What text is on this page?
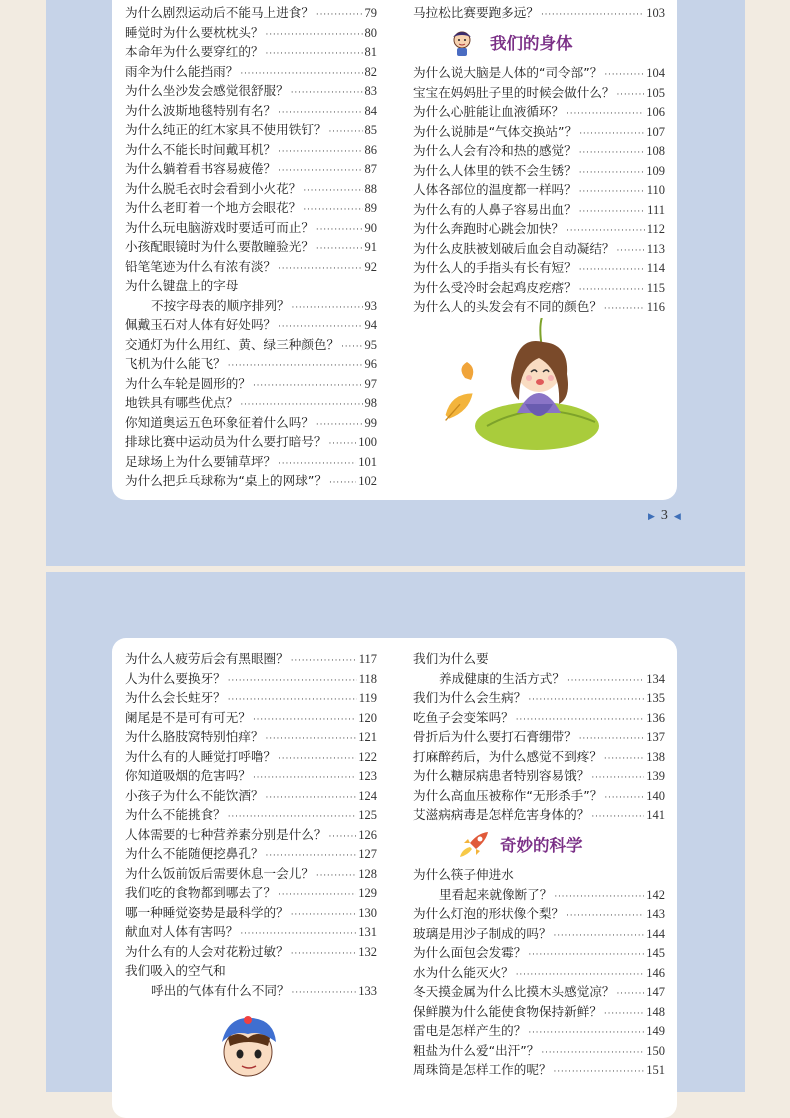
为什么剧烈运动后不能马上进食？ ·····	79
睡觉时为什么要枕枕头？ ·····	80
本命年为什么要穿红的？ ·····	81
雨伞为什么能挡雨？ ·····	82
为什么坐沙发会感觉很舒服？ ·····	83
为什么波斯地毯特别有名？ ·····	84
为什么纯正的红木家具不使用铁钉？ ·····	85
为什么不能长时间戴耳机？ ·····	86
为什么躺着看书容易疲倦？ ·····	87
为什么脱毛衣时会看到小火花？ ·····	88
为什么老盯着一个地方会眼花？ ·····	89
为什么玩电脑游戏时要适可而止？ ·····	90
小孩配眼镜时为什么要散瞳验光？ ·····	91
铅笔笔迹为什么有浓有淡？ ·····	92
为什么键盘上的字母
不按字母表的顺序排列？ ·····	93
佩戴玉石对人体有好处吗？ ·····	94
交通灯为什么用红、黄、绿三种颜色？ ····· 95
飞机为什么能飞？ ·····	96
为什么车轮是圆形的？ ·····	97
地铁具有哪些优点？ ·····	98
你知道奥运五色环象征着什么吗？ ·····	99
排球比赛中运动员为什么要打暗号？ ·····	100
足球场上为什么要铺草坪？ ·····	101
为什么把乒乓球称为“桌上的网球”？ ·····	102
马拉松比赛要跑多远？ ·····	103
为什么说大脑是人体的“司令部”？ ·····	104
宝宝在妈妈肚子里的时候会做什么？ ·····	105
为什么心脏能让血液循环？ ·····	106
为什么说肺是“气体交换站”？ ·····	107
为什么人会有冷和热的感觉？ ·····	108
为什么人体里的铁不会生锈？ ·····	109
人体各部位的温度都一样吗？ ·····	110
为什么有的人鼻子容易出血？ ·····	111
为什么奔跑时心跳会加快？ ·····	112
为什么皮肤被划破后血会自动凝结？ ·····	113
为什么人的手指头有长有短？ ·····	114
为什么受冷时会起鸡皮疙瘩？ ·····	115
为什么人的头发会有不同的颜色？ ·····	116
我们的身体
▶ 3 ◀
为什么人疲劳后会有黑眼圈？ ·····	117
人为什么要换牙？ ·····	118
为什么会长蛀牙？ ·····	119
阑尾是不是可有可无？ ·····	120
为什么胳肢窝特别怕痒？ ·····	121
为什么有的人睡觉打呼噜？ ·····	122
你知道吸烟的危害吗？ ·····	123
小孩子为什么不能饮酒？ ·····	124
为什么不能挑食？ ·····	125
人体需要的七种营养素分别是什么？ ·····	126
为什么不能随便挖鼻孔？ ·····	127
为什么饭前饭后需要休息一会儿？ ·····	128
我们吃的食物都到哪去了？ ·····	129
哪一种睡觉姿势是最科学的？ ·····	130
献血对人体有害吗？ ·····	131
为什么有的人会对花粉过敏？ ·····	132
我们吸入的空气和
呼出的气体有什么不同？ ·····	133
我们为什么要
养成健康的生活方式？ ·····	134
我们为什么会生病？ ·····	135
吃鱼子会变笨吗？ ·····	136
骨折后为什么要打石膏绷带？ ·····	137
打麻醉药后，为什么感觉不到疼？ ·····	138
为什么糖尿病患者特别容易饿？ ·····	139
为什么高血压被称作“无形杀手”？ ·····	140
艾滋病病毒是怎样危害身体的？ ·····	141
为什么筷子伸进水
里看起来就像断了？ ·····	142
为什么灯泡的形状像个梨？ ·····	143
玻璃是用沙子制成的吗？ ·····	144
为什么面包会发霉？ ·····	145
水为什么能灭火？ ·····	146
冬天摸金属为什么比摸木头感觉凉？ ·····	147
保鲜膜为什么能使食物保持新鲜？ ·····	148
雷电是怎样产生的？ ·····	149
粗盐为什么爱“出汗”？ ·····	150
周珠筒是怎样工作的呢？ ·····	151
奇妙的科学
